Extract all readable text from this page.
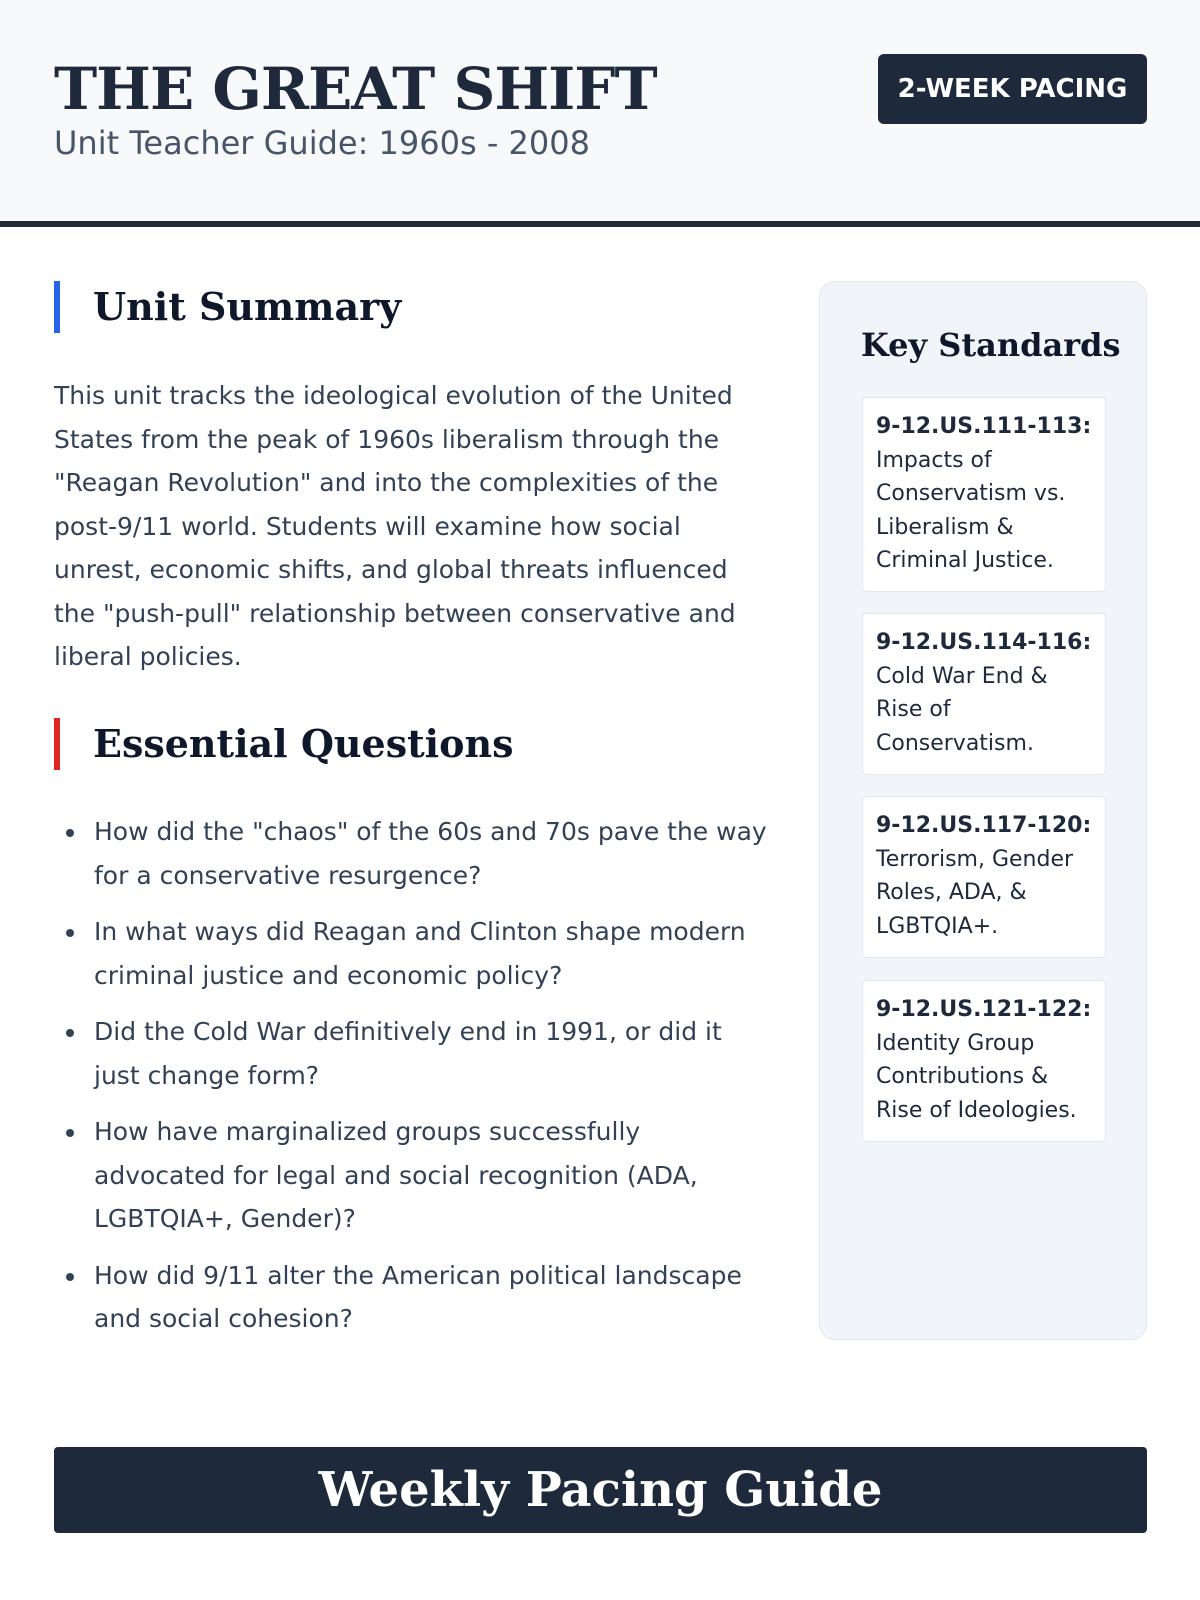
THE GREAT SHIFT
Unit Teacher Guide: 1960s - 2008
2-WEEK PACING
Unit Summary

This unit tracks the ideological evolution of the United States from the peak of 1960s liberalism through the "Reagan Revolution" and into the complexities of the post-9/11 world. Students will examine how social unrest, economic shifts, and global threats influenced the "push-pull" relationship between conservative and liberal policies.

Essential Questions
How did the "chaos" of the 60s and 70s pave the way for a conservative resurgence?
In what ways did Reagan and Clinton shape modern criminal justice and economic policy?
Did the Cold War definitively end in 1991, or did it just change form?
How have marginalized groups successfully advocated for legal and social recognition (ADA, LGBTQIA+, Gender)?
How did 9/11 alter the American political landscape and social cohesion?
Key Standards
9-12.US.111-113:
Impacts of Conservatism vs. Liberalism & Criminal Justice.
9-12.US.114-116:
Cold War End & Rise of Conservatism.
9-12.US.117-120:
Terrorism, Gender Roles, ADA, & LGBTQIA+.
9-12.US.121-122:
Identity Group Contributions & Rise of Ideologies.
Weekly Pacing Guide
